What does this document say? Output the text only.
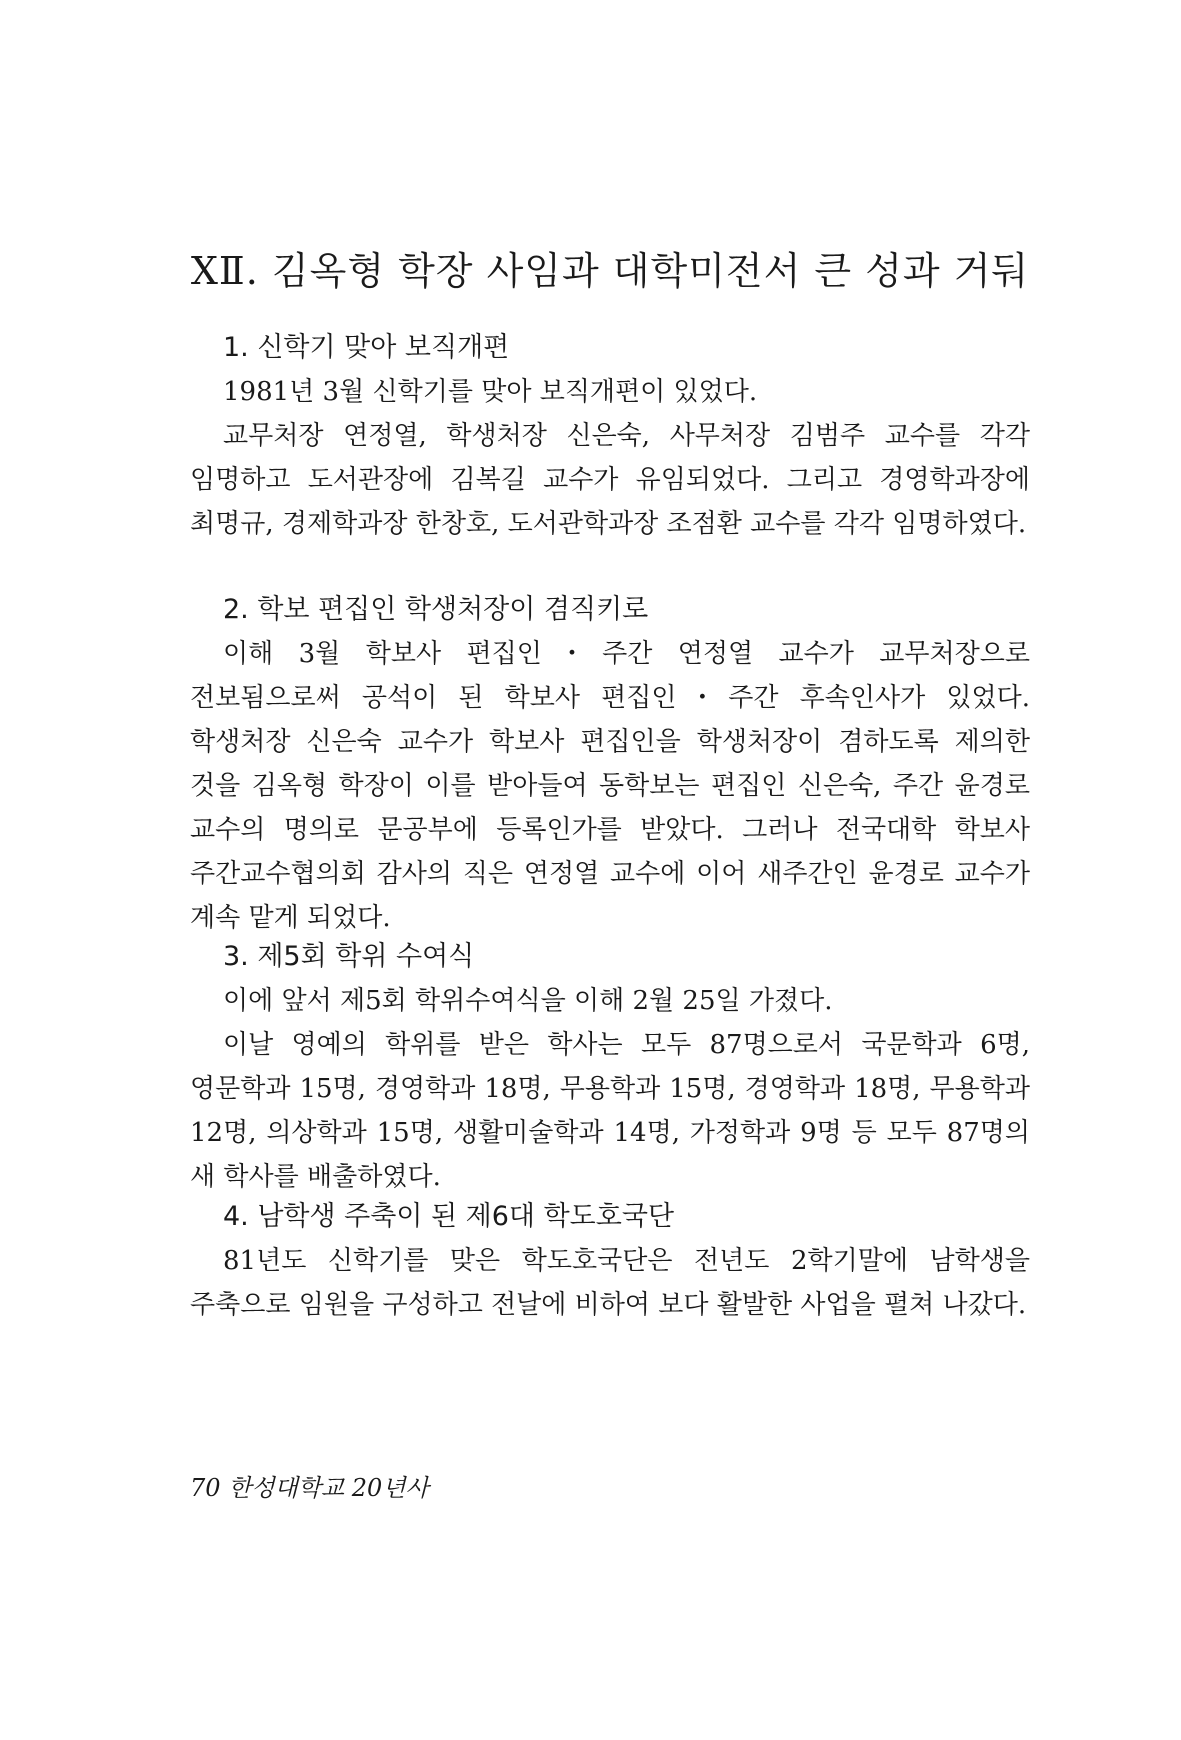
XⅡ. 김옥형 학장 사임과 대학미전서 큰 성과 거둬
1. 신학기 맞아 보직개편

1981년 3월 신학기를 맞아 보직개편이 있었다.

교무처장 연정열, 학생처장 신은숙, 사무처장 김범주 교수를 각각 임명하고 도서관장에 김복길 교수가 유임되었다. 그리고 경영학과장에 최명규, 경제학과장 한창호, 도서관학과장 조점환 교수를 각각 임명하였다.

2. 학보 편집인 학생처장이 겸직키로

이해 3월 학보사 편집인・주간 연정열 교수가 교무처장으로 전보됨으로써 공석이 된 학보사 편집인・주간 후속인사가 있었다. 학생처장 신은숙 교수가 학보사 편집인을 학생처장이 겸하도록 제의한 것을 김옥형 학장이 이를 받아들여 동학보는 편집인 신은숙, 주간 윤경로 교수의 명의로 문공부에 등록인가를 받았다. 그러나 전국대학 학보사 주간교수협의회 감사의 직은 연정열 교수에 이어 새주간인 윤경로 교수가 계속 맡게 되었다.

3. 제5회 학위 수여식

이에 앞서 제5회 학위수여식을 이해 2월 25일 가졌다.

이날 영예의 학위를 받은 학사는 모두 87명으로서 국문학과 6명, 영문학과 15명, 경영학과 18명, 무용학과 15명, 경영학과 18명, 무용학과 12명, 의상학과 15명, 생활미술학과 14명, 가정학과 9명 등 모두 87명의 새 학사를 배출하였다.

4. 남학생 주축이 된 제6대 학도호국단

81년도 신학기를 맞은 학도호국단은 전년도 2학기말에 남학생을 주축으로 임원을 구성하고 전날에 비하여 보다 활발한 사업을 펼쳐 나갔다.

70 한성대학교 20년사
